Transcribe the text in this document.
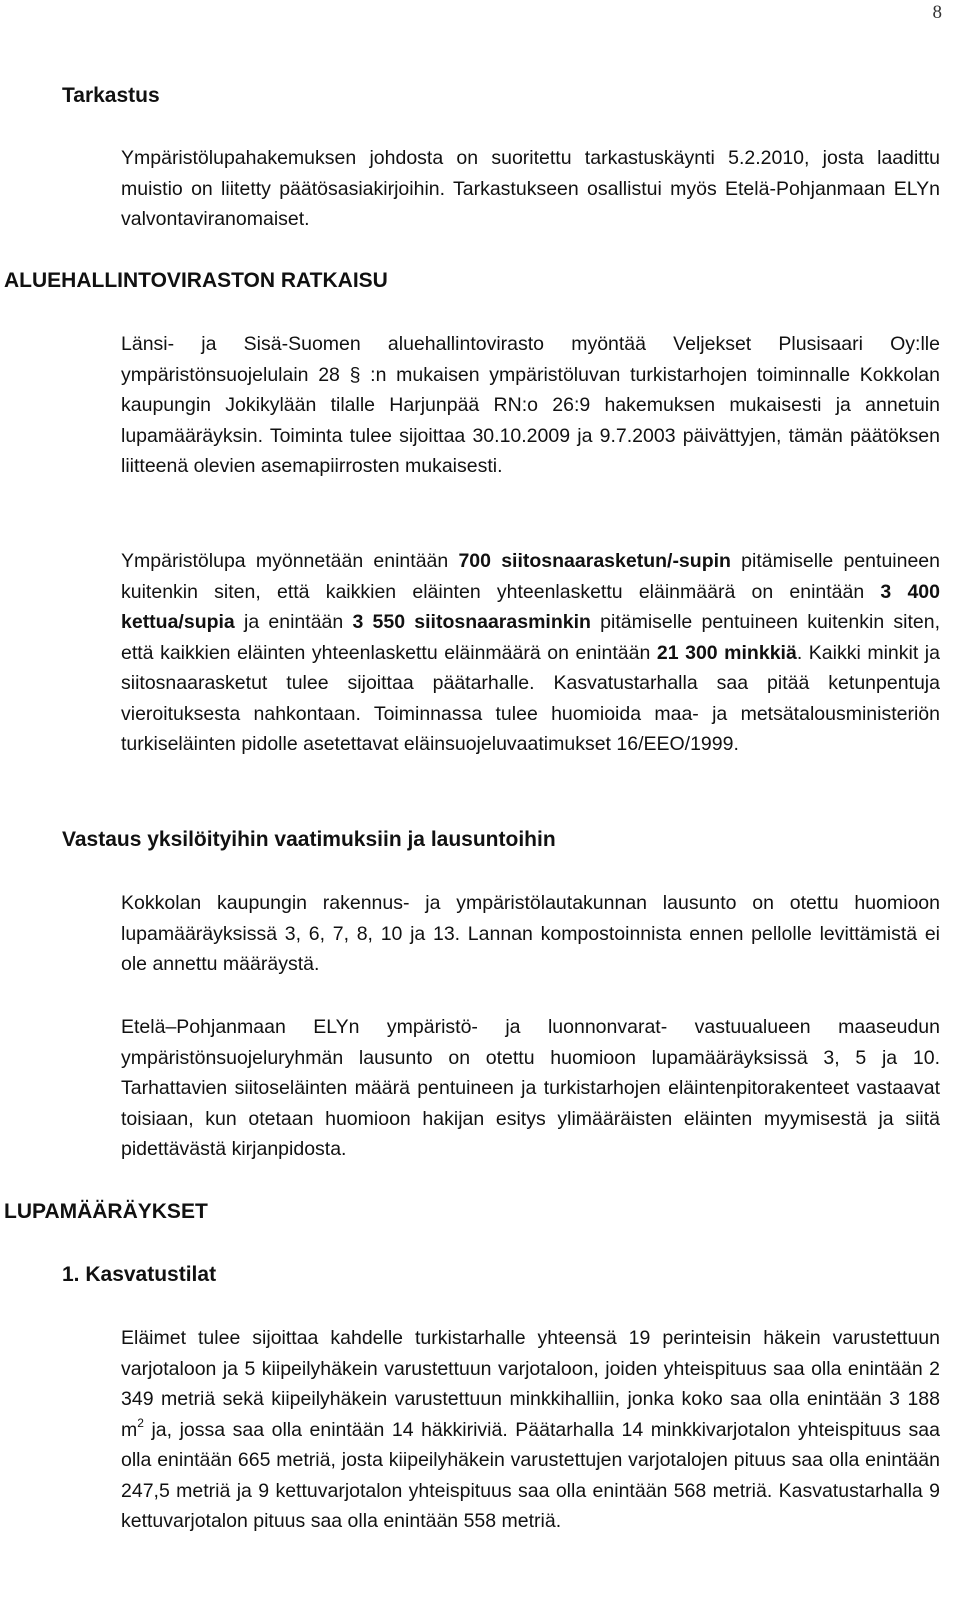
8
Tarkastus

Ympäristölupahakemuksen johdosta on suoritettu tarkastuskäynti 5.2.2010, josta laadittu muistio on liitetty päätösasiakirjoihin. Tarkastukseen osallistui myös Etelä-Pohjanmaan ELYn valvontaviranomaiset.

ALUEHALLINTOVIRASTON RATKAISU

Länsi- ja Sisä-Suomen aluehallintovirasto myöntää Veljekset Plusisaari Oy:lle ympäristönsuojelulain 28 § :n mukaisen ympäristöluvan turkistarhojen toiminnalle Kokkolan kaupungin Jokikylään tilalle Harjunpää RN:o 26:9 hakemuksen mukaisesti ja annetuin lupamääräyksin. Toiminta tulee sijoittaa 30.10.2009 ja 9.7.2003 päivättyjen, tämän päätöksen liitteenä olevien asemapiirrosten mukaisesti.

Ympäristölupa myönnetään enintään 700 siitosnaarasketun/-supin pitämiselle pentuineen kuitenkin siten, että kaikkien eläinten yhteenlaskettu eläinmäärä on enintään 3 400 kettua/supia ja enintään 3 550 siitosnaarasminkin pitämiselle pentuineen kuitenkin siten, että kaikkien eläinten yhteenlaskettu eläinmäärä on enintään 21 300 minkkiä. Kaikki minkit ja siitosnaarasketut tulee sijoittaa päätarhalle. Kasvatustarhalla saa pitää ketunpentuja vieroituksesta nahkontaan. Toiminnassa tulee huomioida maa- ja metsätalousministeriön turkiseläinten pidolle asetettavat eläinsuojeluvaatimukset 16/EEO/1999.

Vastaus yksilöityihin vaatimuksiin ja lausuntoihin

Kokkolan kaupungin rakennus- ja ympäristölautakunnan lausunto on otettu huomioon lupamääräyksissä 3, 6, 7, 8, 10 ja 13. Lannan kompostoinnista ennen pellolle levittämistä ei ole annettu määräystä.

Etelä–Pohjanmaan ELYn ympäristö- ja luonnonvarat- vastuualueen maaseudun ympäristönsuojeluryhmän lausunto on otettu huomioon lupamääräyksissä 3, 5 ja 10. Tarhattavien siitoseläinten määrä pentuineen ja turkistarhojen eläintenpitorakenteet vastaavat toisiaan, kun otetaan huomioon hakijan esitys ylimääräisten eläinten myymisestä ja siitä pidettävästä kirjanpidosta.

LUPAMÄÄRÄYKSET
1. Kasvatustilat

Eläimet tulee sijoittaa kahdelle turkistarhalle yhteensä 19 perinteisin häkein varustettuun varjotaloon ja 5 kiipeilyhäkein varustettuun varjotaloon, joiden yhteispituus saa olla enintään 2 349 metriä sekä kiipeilyhäkein varustettuun minkkihalliin, jonka koko saa olla enintään 3 188 $m^2$ ja, jossa saa olla enintään 14 häkkiriviä. Päätarhalla 14 minkkivarjotalon yhteispituus saa olla enintään 665 metriä, josta kiipeilyhäkein varustettujen varjotalojen pituus saa olla enintään 247,5 metriä ja 9 kettuvarjotalon yhteispituus saa olla enintään 568 metriä. Kasvatustarhalla 9 kettuvarjotalon pituus saa olla enintään 558 metriä.
